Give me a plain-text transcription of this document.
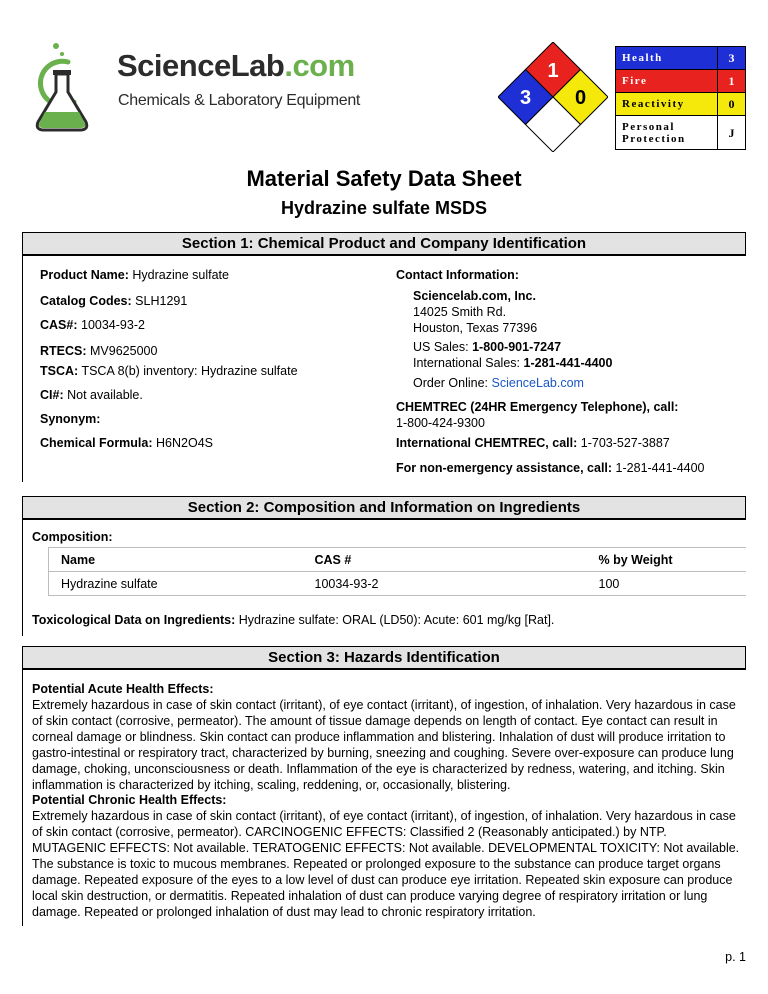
ScienceLab.com
Chemicals & Laboratory Equipment
1
3 0
Health	3
Fire	1
Reactivity	0
Personal Protection	J
Material Safety Data Sheet
Hydrazine sulfate MSDS
Section 1: Chemical Product and Company Identification
Product Name: Hydrazine sulfate
Catalog Codes: SLH1291
CAS#: 10034-93-2
RTECS: MV9625000
TSCA: TSCA 8(b) inventory: Hydrazine sulfate
CI#: Not available.
Synonym:
Chemical Formula: H6N2O4S
Contact Information:
Sciencelab.com, Inc.
14025 Smith Rd.
Houston, Texas 77396
US Sales: 1-800-901-7247
International Sales: 1-281-441-4400
Order Online: ScienceLab.com
CHEMTREC (24HR Emergency Telephone), call:
1-800-424-9300
International CHEMTREC, call: 1-703-527-3887
For non-emergency assistance, call: 1-281-441-4400
Section 2: Composition and Information on Ingredients
Composition:
Name	CAS #	% by Weight
Hydrazine sulfate	10034-93-2	100
Toxicological Data on Ingredients: Hydrazine sulfate: ORAL (LD50): Acute: 601 mg/kg [Rat].
Section 3: Hazards Identification
Potential Acute Health Effects:
Extremely hazardous in case of skin contact (irritant), of eye contact (irritant), of ingestion, of inhalation. Very hazardous in case of skin contact (corrosive, permeator). The amount of tissue damage depends on length of contact. Eye contact can result in corneal damage or blindness. Skin contact can produce inflammation and blistering. Inhalation of dust will produce irritation to gastro-intestinal or respiratory tract, characterized by burning, sneezing and coughing. Severe over-exposure can produce lung damage, choking, unconsciousness or death. Inflammation of the eye is characterized by redness, watering, and itching. Skin inflammation is characterized by itching, scaling, reddening, or, occasionally, blistering.
Potential Chronic Health Effects:
Extremely hazardous in case of skin contact (irritant), of eye contact (irritant), of ingestion, of inhalation. Very hazardous in case of skin contact (corrosive, permeator). CARCINOGENIC EFFECTS: Classified 2 (Reasonably anticipated.) by NTP. MUTAGENIC EFFECTS: Not available. TERATOGENIC EFFECTS: Not available. DEVELOPMENTAL TOXICITY: Not available. The substance is toxic to mucous membranes. Repeated or prolonged exposure to the substance can produce target organs damage. Repeated exposure of the eyes to a low level of dust can produce eye irritation. Repeated skin exposure can produce local skin destruction, or dermatitis. Repeated inhalation of dust can produce varying degree of respiratory irritation or lung damage. Repeated or prolonged inhalation of dust may lead to chronic respiratory irritation.
p. 1
